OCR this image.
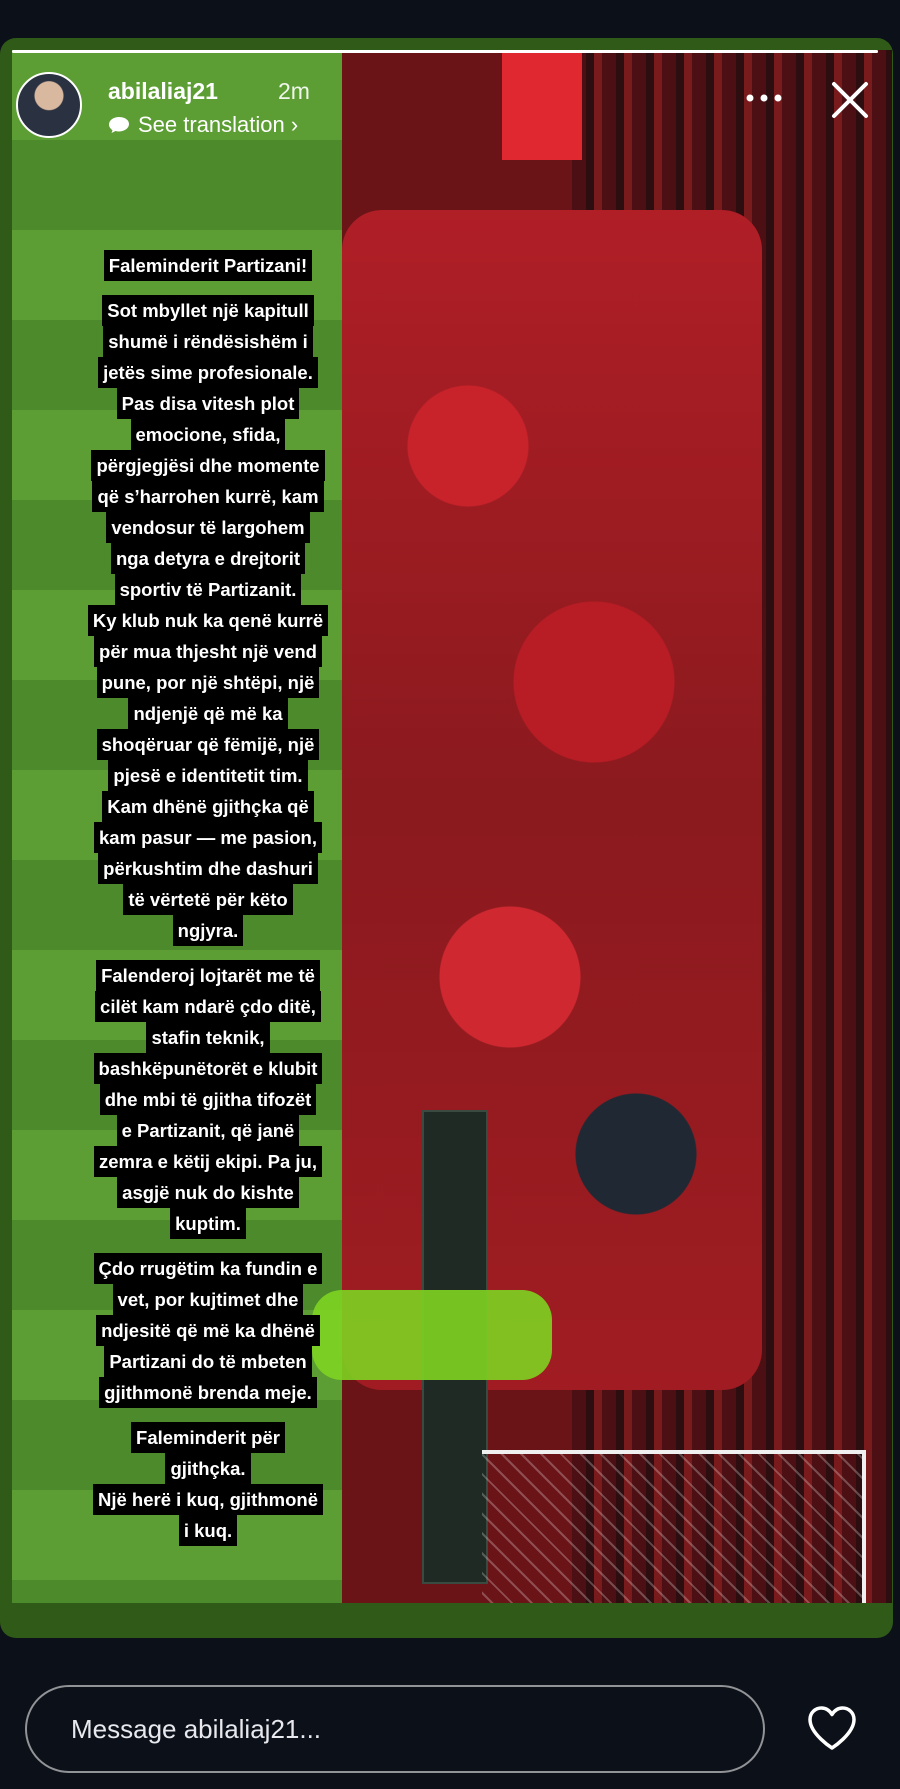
abilaliaj21	2m
See translation ›
Faleminderit Partizani!
Sot mbyllet një kapitull
shumë i rëndësishëm i
jetës sime profesionale.
Pas disa vitesh plot
emocione, sfida,
përgjegjësi dhe momente
që s’harrohen kurrë, kam
vendosur të largohem
nga detyra e drejtorit
sportiv të Partizanit.
Ky klub nuk ka qenë kurrë
për mua thjesht një vend
pune, por një shtëpi, një
ndjenjë që më ka
shoqëruar që fëmijë, një
pjesë e identitetit tim.
Kam dhënë gjithçka që
kam pasur — me pasion,
përkushtim dhe dashuri
të vërtetë për këto
ngjyra.

Falenderoj lojtarët me të
cilët kam ndarë çdo ditë,
stafin teknik,
bashkëpunëtorët e klubit
dhe mbi të gjitha tifozët
e Partizanit, që janë
zemra e këtij ekipi. Pa ju,
asgjë nuk do kishte
kuptim.

Çdo rrugëtim ka fundin e
vet, por kujtimet dhe
ndjesitë që më ka dhënë
Partizani do të mbeten
gjithmonë brenda meje.

Faleminderit për
gjithçka.
Një herë i kuq, gjithmonë
i kuq.

Message abilaliaj21...
